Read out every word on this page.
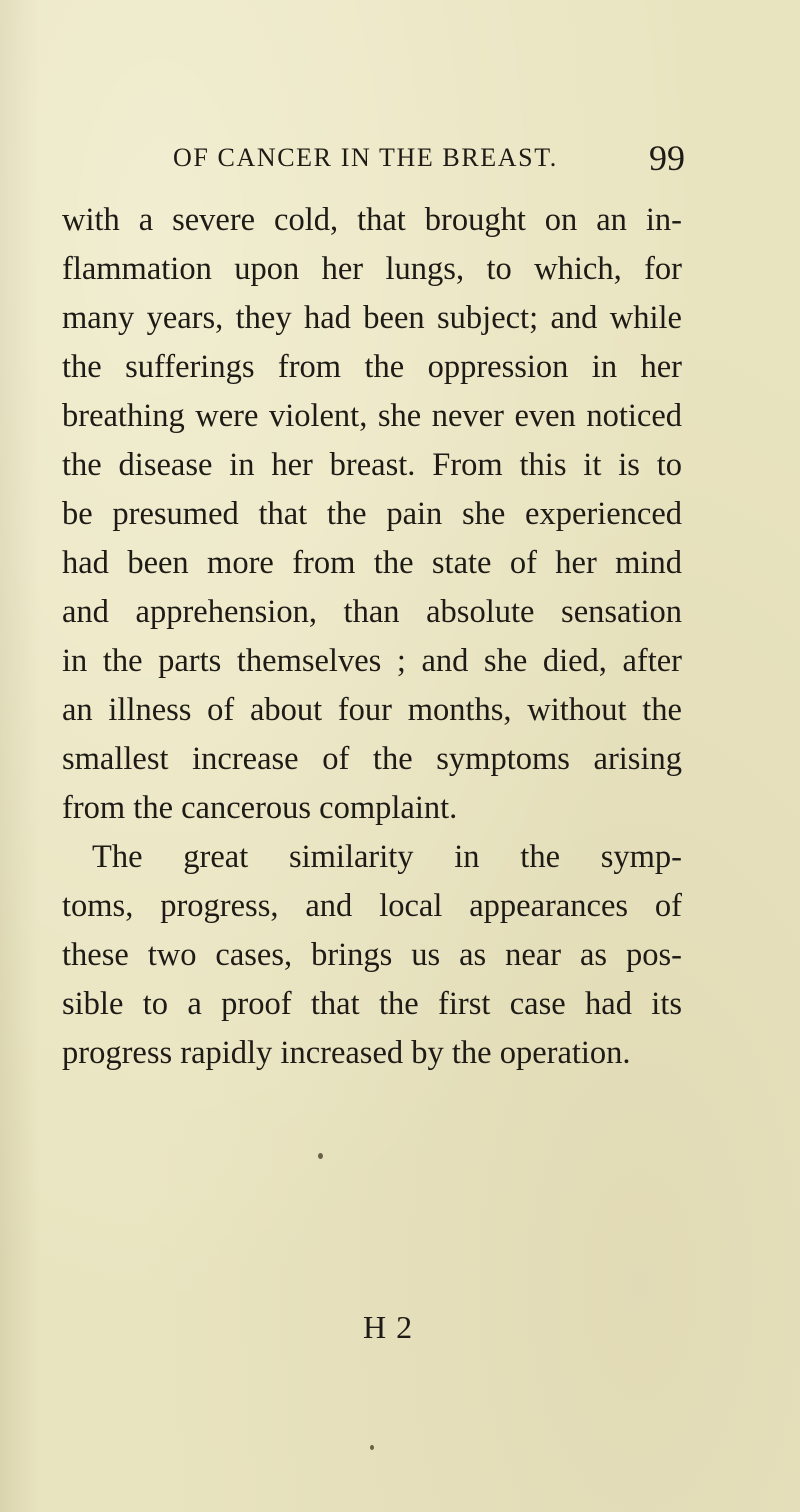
OF CANCER IN THE BREAST.	99
with a severe cold, that brought on an in-
flammation upon her lungs, to which, for
many years, they had been subject; and while
the sufferings from the oppression in her
breathing were violent, she never even noticed
the disease in her breast. From this it is to
be presumed that the pain she experienced
had been more from the state of her mind
and apprehension, than absolute sensation
in the parts themselves ; and she died, after
an illness of about four months, without the
smallest increase of the symptoms arising
from the cancerous complaint.
The great similarity in the symp-
toms, progress, and local appearances of
these two cases, brings us as near as pos-
sible to a proof that the first case had its
progress rapidly increased by the operation.
H 2
